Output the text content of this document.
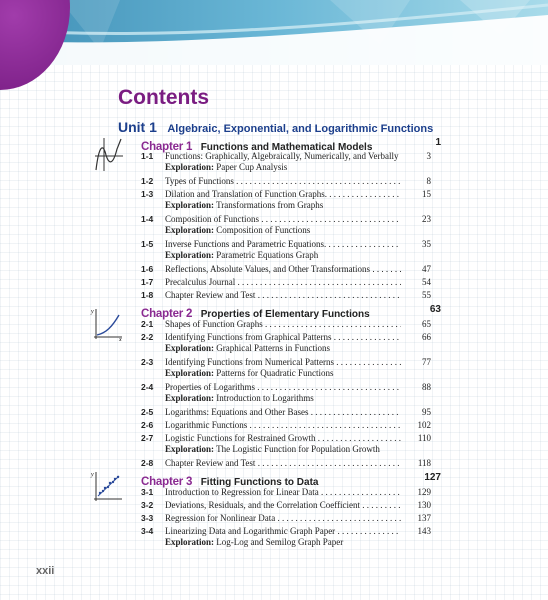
Contents
Unit 1 Algebraic, Exponential, and Logarithmic Functions
y
x
y
Chapter 1 Functions and Mathematical Models	1
1-1 Functions: Graphically, Algebraically, Numerically, and Verbally	3
Exploration: Paper Cup Analysis
1-2 Types of Functions . . .	8
1-3 Dilation and Translation of Function Graphs. . . .	15
Exploration: Transformations from Graphs
1-4 Composition of Functions . . .	23
Exploration: Composition of Functions
1-5 Inverse Functions and Parametric Equations. . . .	35
Exploration: Parametric Equations Graph
1-6 Reflections, Absolute Values, and Other Transformations . . .	47
1-7 Precalculus Journal . . .	54
1-8 Chapter Review and Test . . .	55
Chapter 2 Properties of Elementary Functions	63
2-1 Shapes of Function Graphs . . .	65
2-2 Identifying Functions from Graphical Patterns . . .	66
Exploration: Graphical Patterns in Functions
2-3 Identifying Functions from Numerical Patterns . . .	77
Exploration: Patterns for Quadratic Functions
2-4 Properties of Logarithms . . .	88
Exploration: Introduction to Logarithms
2-5 Logarithms: Equations and Other Bases . . .	95
2-6 Logarithmic Functions . . .	102
2-7 Logistic Functions for Restrained Growth . . .	110
Exploration: The Logistic Function for Population Growth
2-8 Chapter Review and Test . . .	118
Chapter 3 Fitting Functions to Data	127
3-1 Introduction to Regression for Linear Data . . .	129
3-2 Deviations, Residuals, and the Correlation Coefficient . . .	130
3-3 Regression for Nonlinear Data . . .	137
3-4 Linearizing Data and Logarithmic Graph Paper . . .	143
Exploration: Log-Log and Semilog Graph Paper
xxii
